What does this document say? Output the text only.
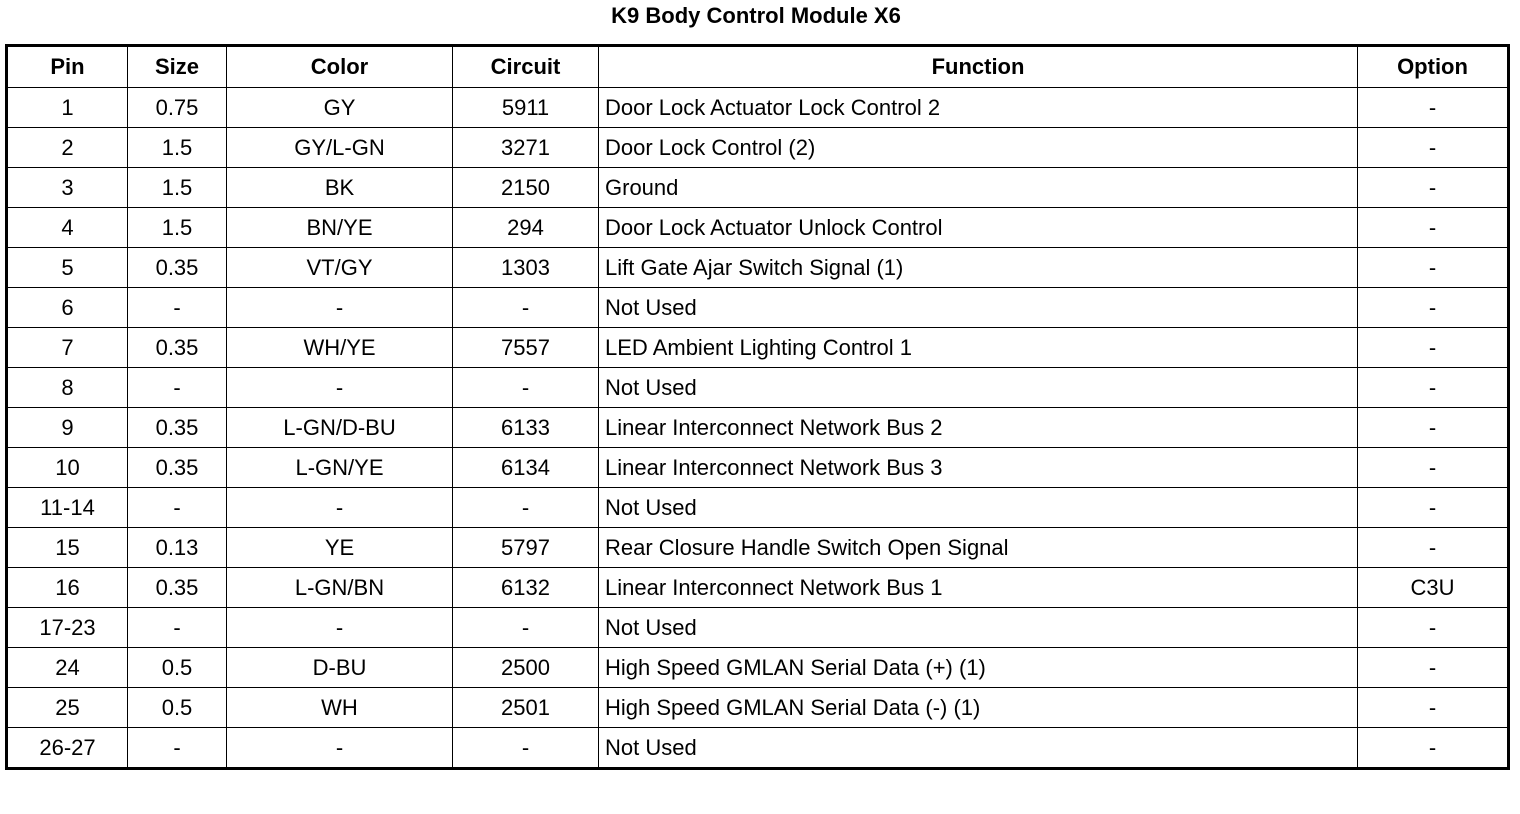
K9 Body Control Module X6
Pin	Size	Color	Circuit	Function	Option
1	0.75	GY	5911	Door Lock Actuator Lock Control 2	-
2	1.5	GY/L-GN	3271	Door Lock Control (2)	-
3	1.5	BK	2150	Ground	-
4	1.5	BN/YE	294	Door Lock Actuator Unlock Control	-
5	0.35	VT/GY	1303	Lift Gate Ajar Switch Signal (1)	-
6	-	-	-	Not Used	-
7	0.35	WH/YE	7557	LED Ambient Lighting Control 1	-
8	-	-	-	Not Used	-
9	0.35	L-GN/D-BU	6133	Linear Interconnect Network Bus 2	-
10	0.35	L-GN/YE	6134	Linear Interconnect Network Bus 3	-
11-14	-	-	-	Not Used	-
15	0.13	YE	5797	Rear Closure Handle Switch Open Signal	-
16	0.35	L-GN/BN	6132	Linear Interconnect Network Bus 1	C3U
17-23	-	-	-	Not Used	-
24	0.5	D-BU	2500	High Speed GMLAN Serial Data (+) (1)	-
25	0.5	WH	2501	High Speed GMLAN Serial Data (-) (1)	-
26-27	-	-	-	Not Used	-
